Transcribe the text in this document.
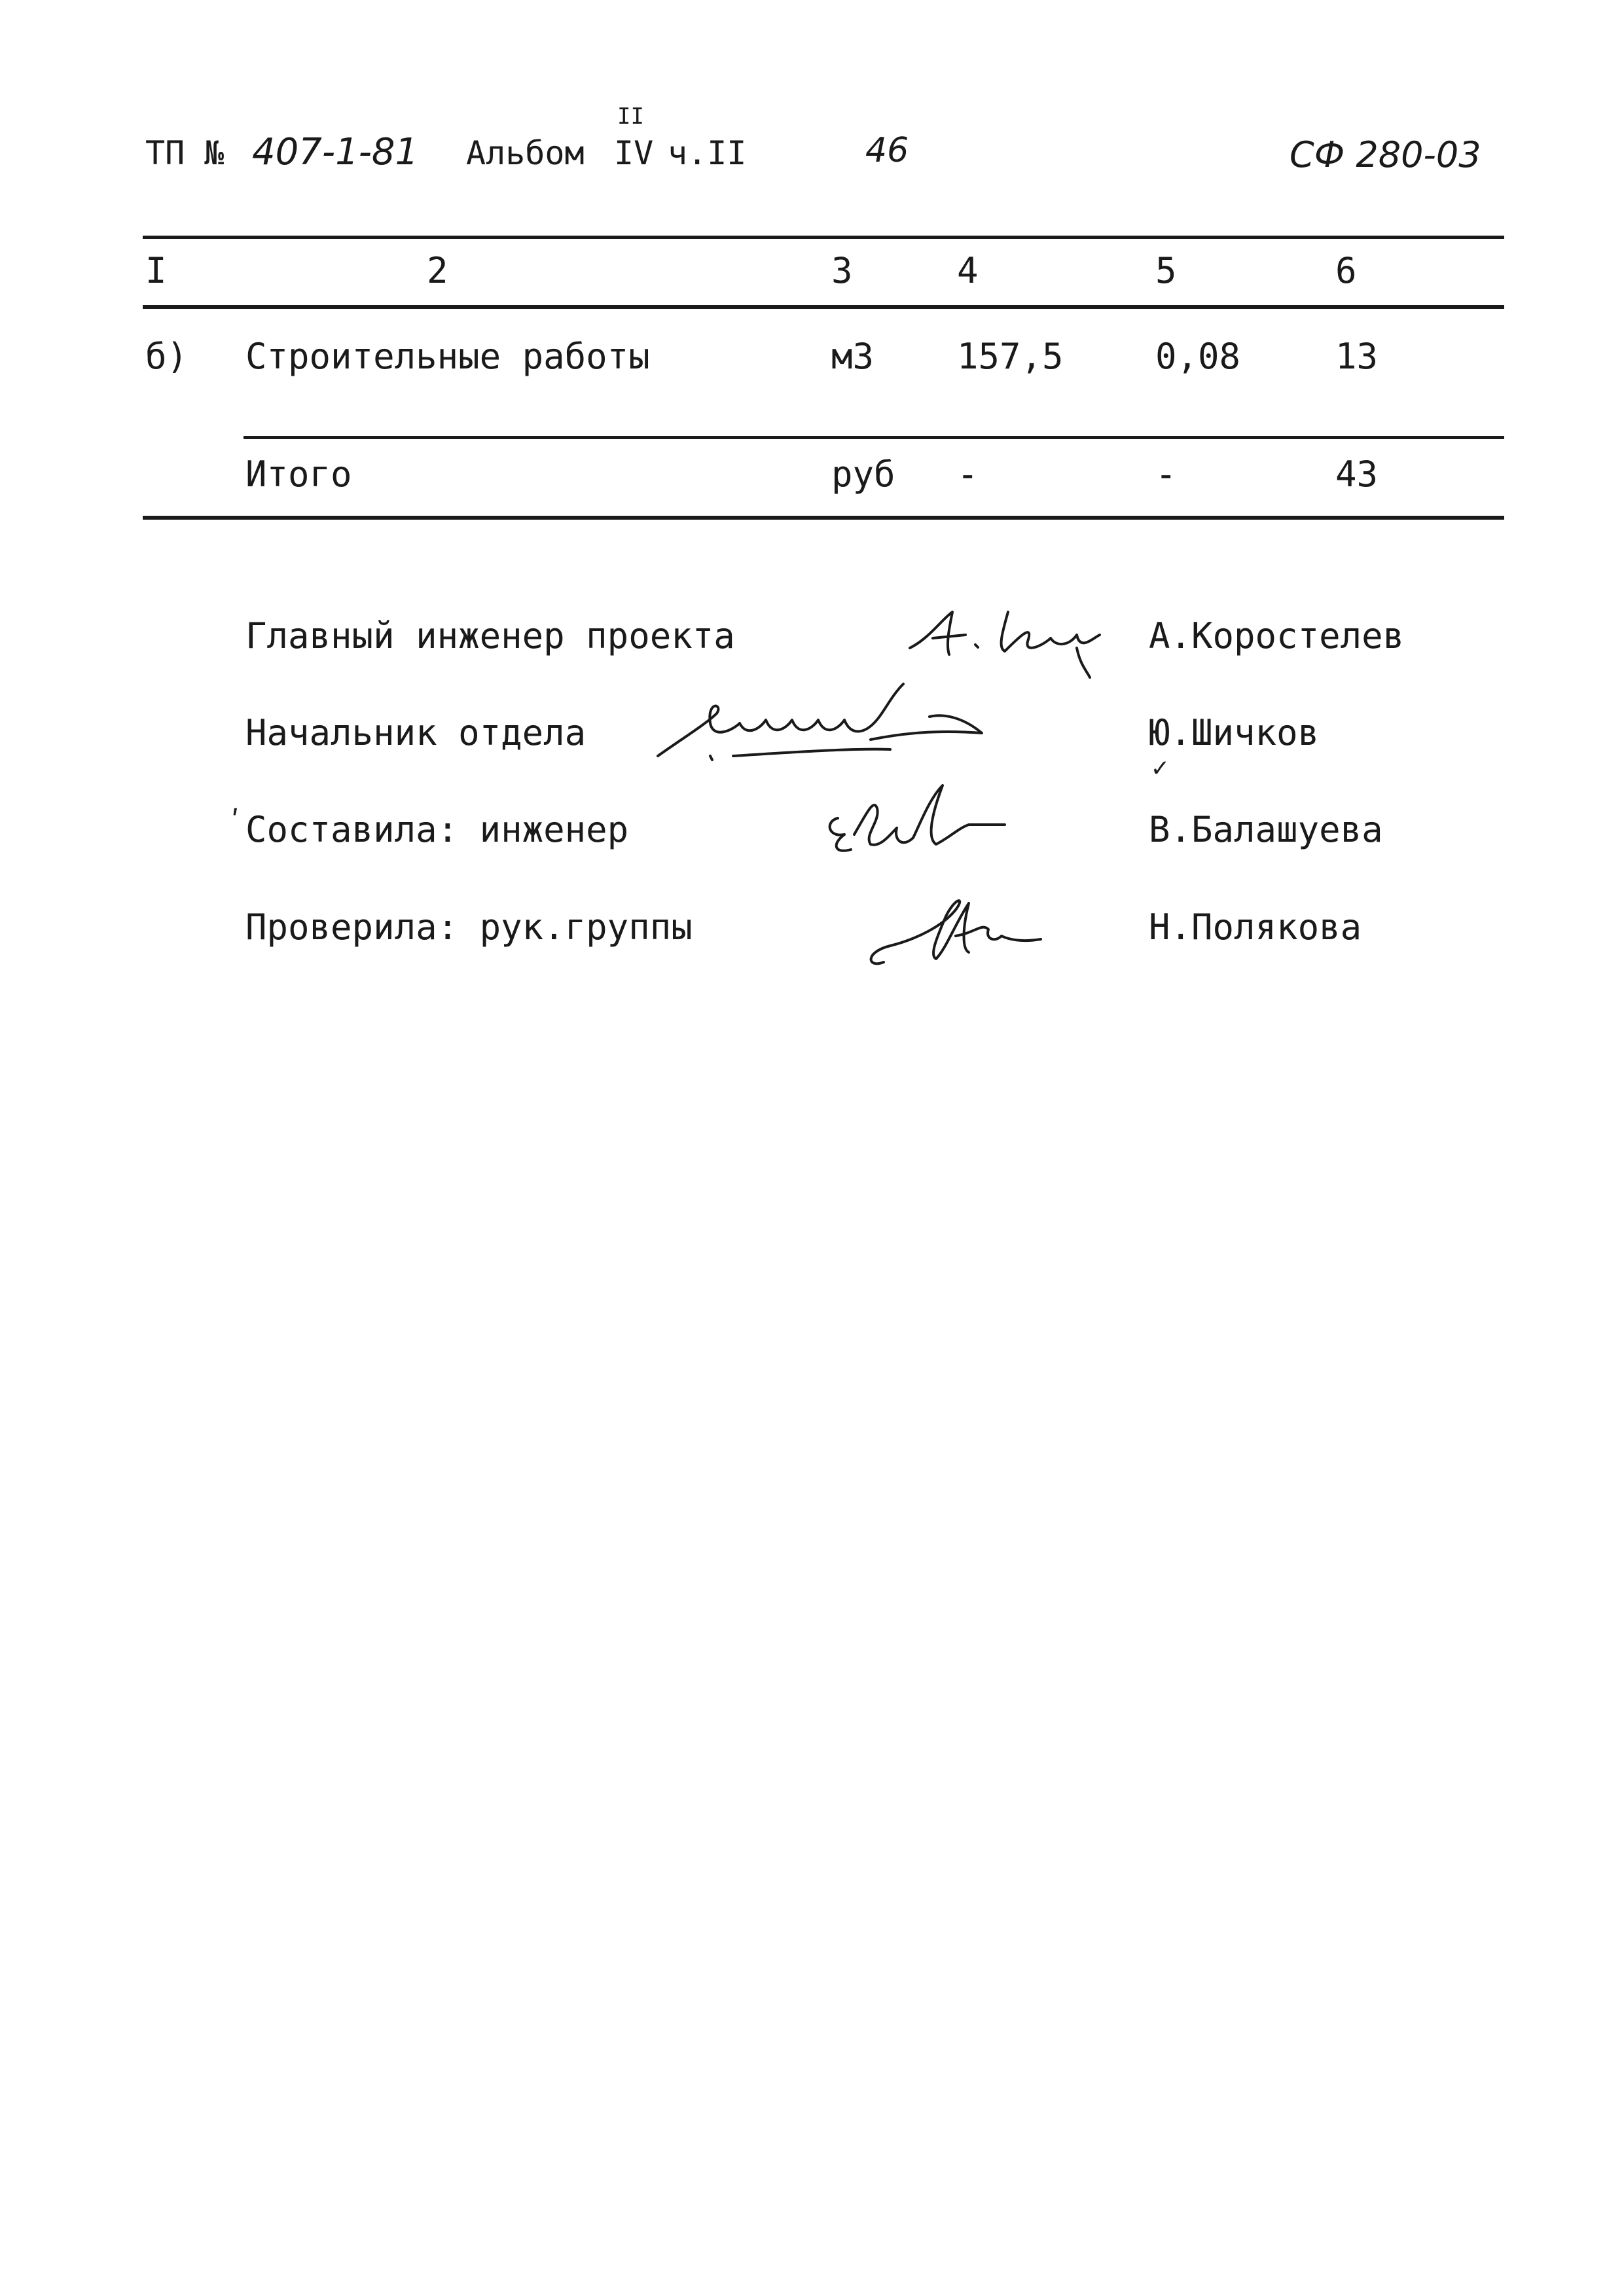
ТП № 407-1-81 Альбом
II
IV ч.II	46	СФ 280-03
I	2	3	4	5	6
б) Строительные работы	м3 157,5	0,08	13
Итого	руб -	-	43
Главный инженер проекта	А.Коростелев
Начальник отдела	Ю.Шичков
✓
ʹ Составила: инженер	В.Балашуева
Проверила: рук.группы	Н.Полякова
